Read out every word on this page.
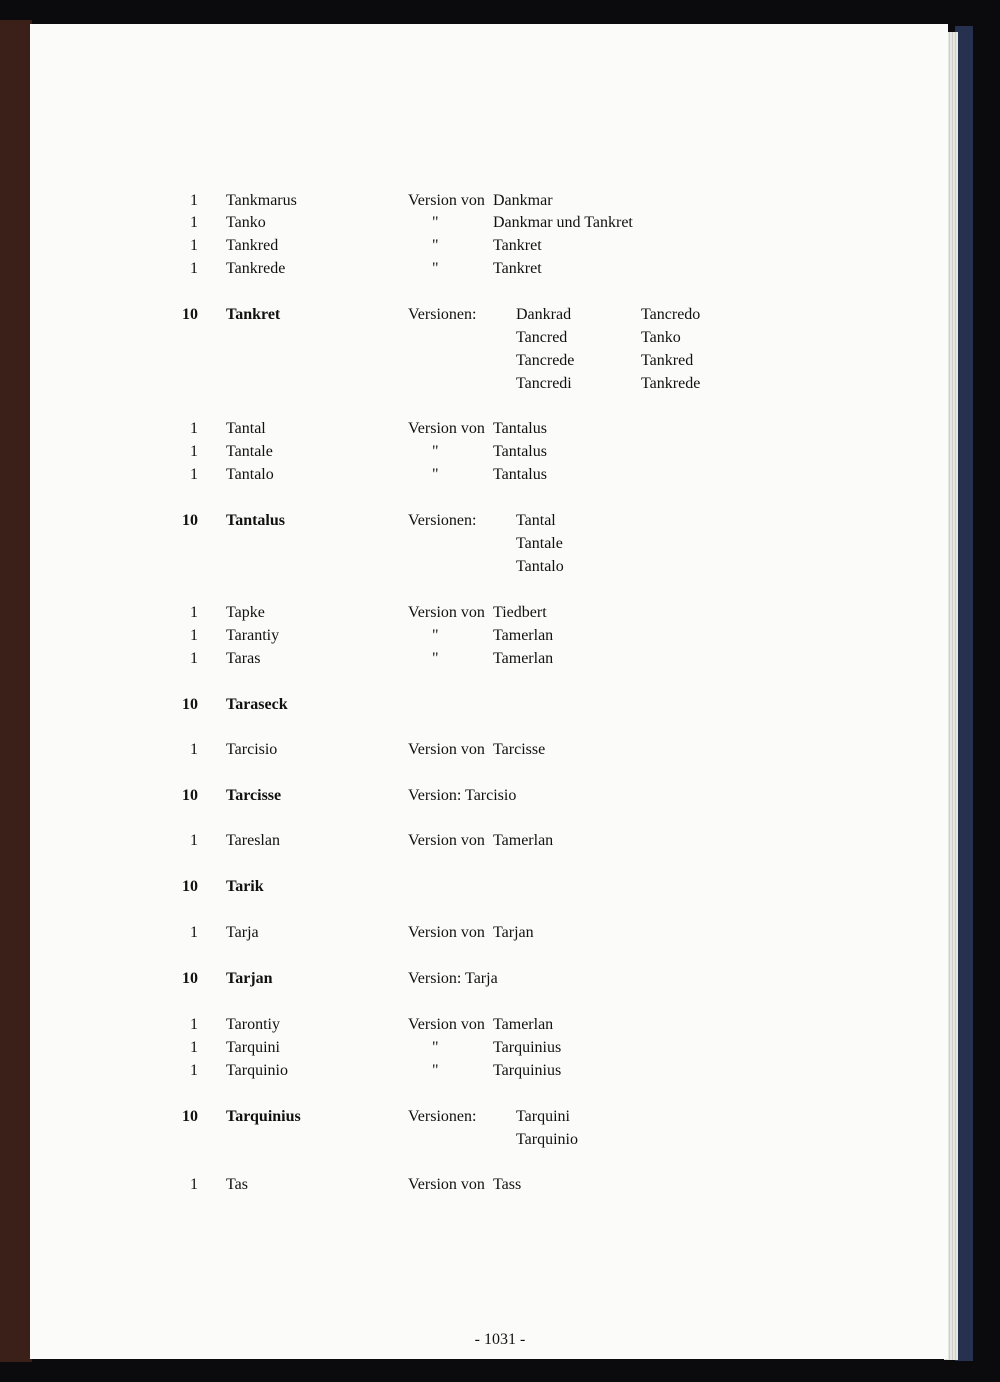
1 Tankmarus	Version von Dankmar
1 Tanko	"	Dankmar und Tankret
1 Tankred	"	Tankret
1 Tankrede	"	Tankret
10 Tankret	Versionen: Dankrad	Tancredo
Tancred	Tanko
Tancrede	Tankred
Tancredi	Tankrede
1 Tantal	Version von Tantalus
1 Tantale	"	Tantalus
1 Tantalo	"	Tantalus
10 Tantalus	Versionen: Tantal
Tantale
Tantalo
1 Tapke	Version von Tiedbert
1 Tarantiy	"	Tamerlan
1 Taras	"	Tamerlan
10 Taraseck
1 Tarcisio	Version von Tarcisse
10 Tarcisse	Version: Tarcisio
1 Tareslan	Version von Tamerlan
10 Tarik
1 Tarja	Version von Tarjan
10 Tarjan	Version: Tarja
1 Tarontiy	Version von Tamerlan
1 Tarquini	"	Tarquinius
1 Tarquinio	"	Tarquinius
10 Tarquinius	Versionen: Tarquini
Tarquinio
1 Tas	Version von Tass
- 1031 -
